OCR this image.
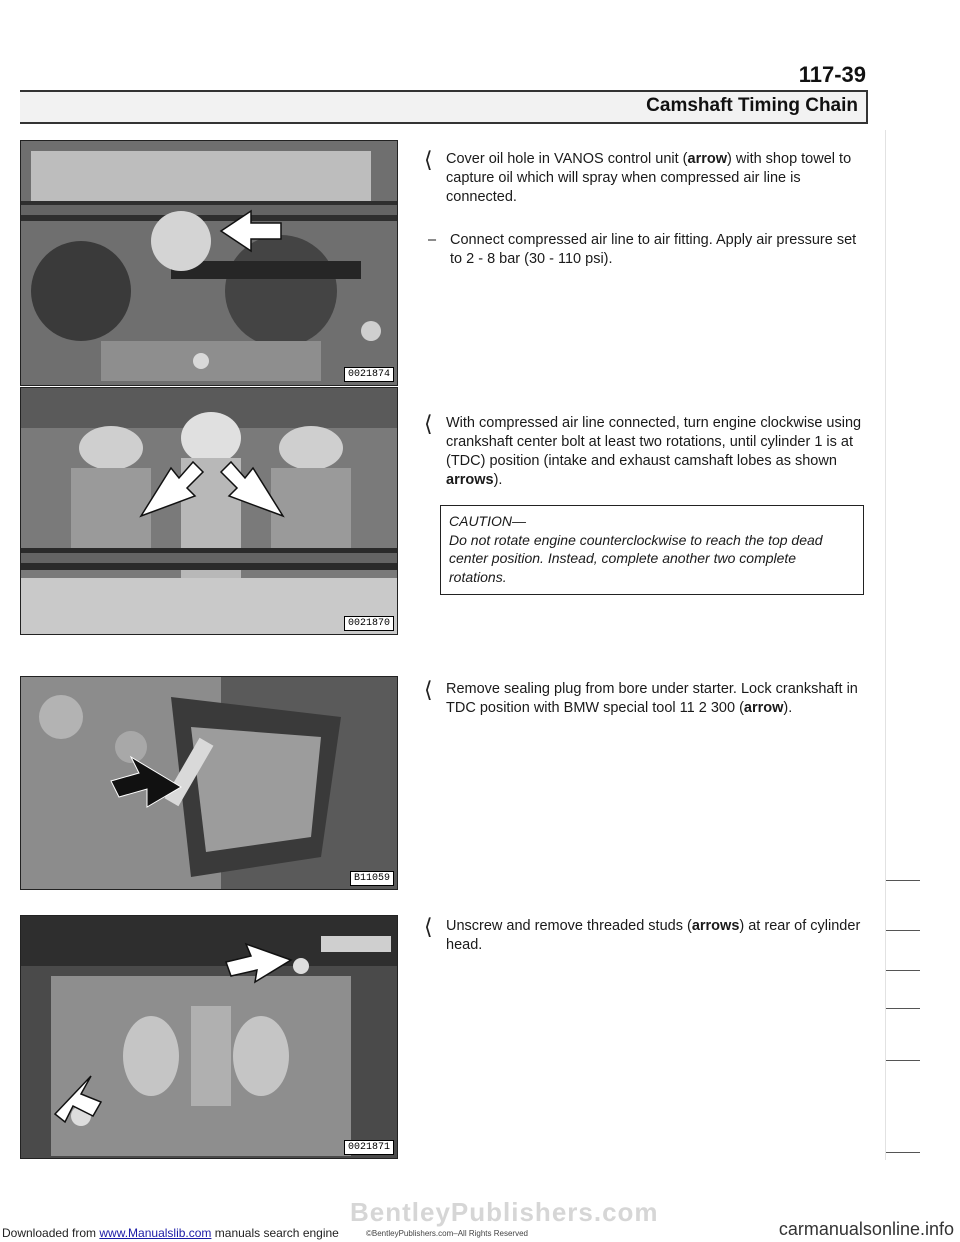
117-39
Camshaft Timing Chain
0021874
0021870
B11059
0021871

⟨ Cover oil hole in VANOS control unit (arrow) with shop towel to capture oil which will spray when compressed air line is connected.

– Connect compressed air line to air fitting. Apply air pressure set to 2 - 8 bar (30 - 110 psi).

⟨ With compressed air line connected, turn engine clockwise using crankshaft center bolt at least two rotations, until cylinder 1 is at (TDC) position (intake and exhaust camshaft lobes as shown arrows).

CAUTION—
Do not rotate engine counterclockwise to reach the top dead center position. Instead, complete another two complete rotations.

⟨ Remove sealing plug from bore under starter. Lock crankshaft in TDC position with BMW special tool 11 2 300 (arrow).

⟨ Unscrew and remove threaded studs (arrows) at rear of cylinder head.

BentleyPublishers.com
Downloaded from www.Manualslib.com manuals search engine	©BentleyPublishers.com–All Rights Reserved	carmanualsonline.info
